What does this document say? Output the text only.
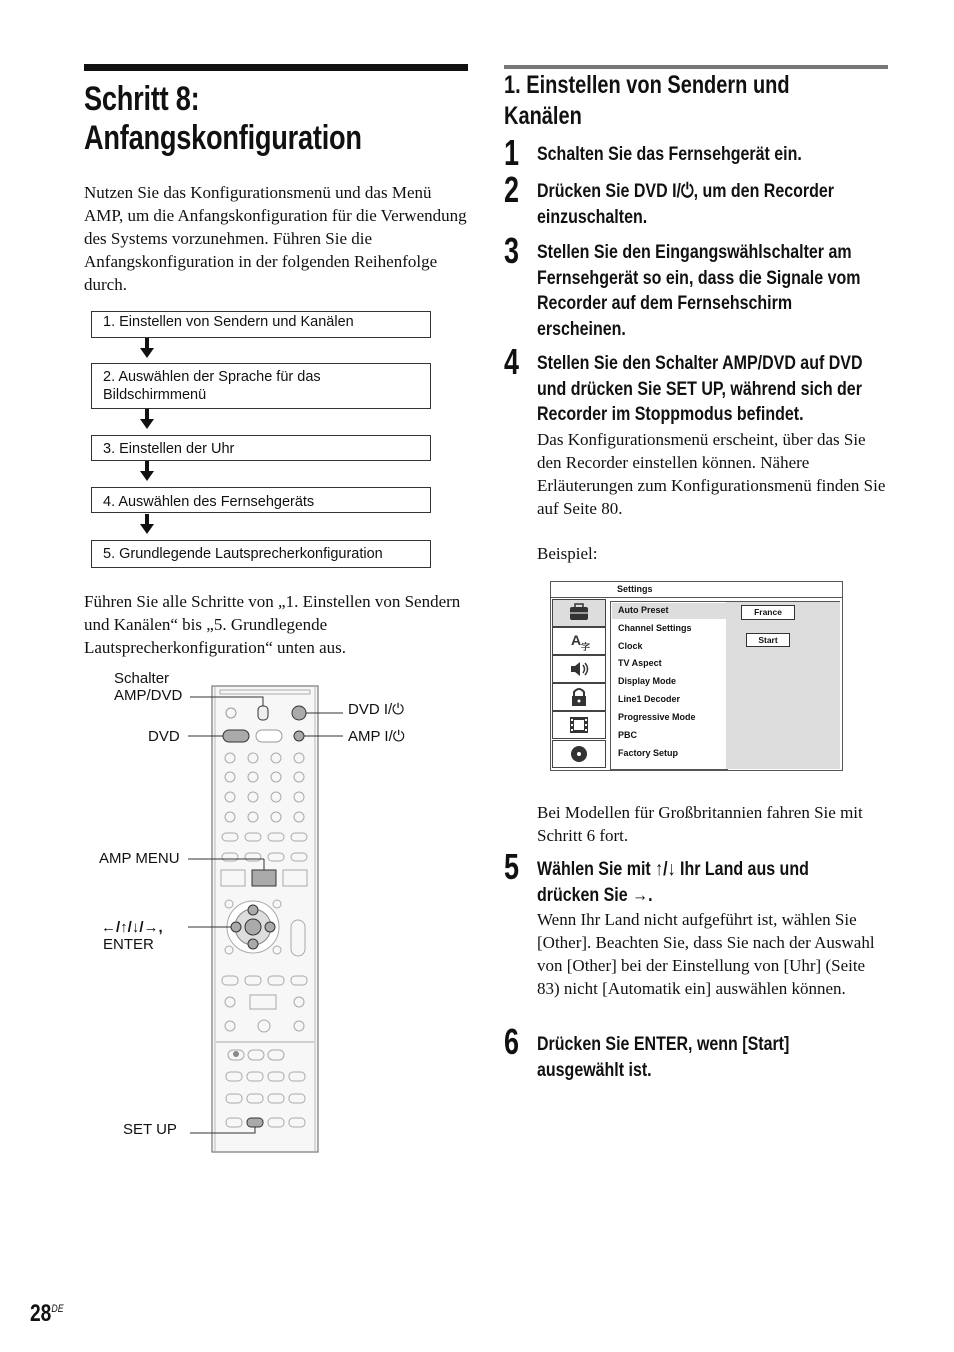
Schritt 8: Anfangskonfiguration
Nutzen Sie das Konfigurationsmenü und das Menü AMP, um die Anfangskonfiguration für die Verwendung des Systems vorzunehmen. Führen Sie die Anfangskonfiguration in der folgenden Reihenfolge durch.
1. Einstellen von Sendern und Kanälen
2. Auswählen der Sprache für das Bildschirmmenü
3. Einstellen der Uhr
4. Auswählen des Fernsehgeräts
5. Grundlegende Lautsprecherkonfiguration
Führen Sie alle Schritte von „1. Einstellen von Sendern und Kanälen“ bis „5. Grundlegende Lautsprecherkonfiguration“ unten aus.
Schalter
AMP/DVD
DVD
AMP MENU
←/↑/↓/→,
ENTER
SET UP
DVD I/⏻
AMP I/⏻
28DE
1. Einstellen von Sendern und Kanälen
1 Schalten Sie das Fernsehgerät ein.
2 Drücken Sie DVD I/⏻, um den Recorder
einzuschalten.
3 Stellen Sie den Eingangswählschalter am
Fernsehgerät so ein, dass die Signale vom
Recorder auf dem Fernsehschirm
erscheinen.
4 Stellen Sie den Schalter AMP/DVD auf DVD
und drücken Sie SET UP, während sich der
Recorder im Stoppmodus befindet.
Das Konfigurationsmenü erscheint, über das Sie den Recorder einstellen können. Nähere Erläuterungen zum Konfigurationsmenü finden Sie auf Seite 80.
Beispiel:
Settings
France
Start
A 字
Auto Preset
Channel Settings
Clock
TV Aspect
Display Mode
Line1 Decoder
Progressive Mode
PBC
Factory Setup
Bei Modellen für Großbritannien fahren Sie mit Schritt 6 fort.
5 Wählen Sie mit ↑/↓ Ihr Land aus und
drücken Sie →.
Wenn Ihr Land nicht aufgeführt ist, wählen Sie [Other]. Beachten Sie, dass Sie nach der Auswahl von [Other] bei der Einstellung von [Uhr] (Seite 83) nicht [Automatik ein] auswählen können.
6 Drücken Sie ENTER, wenn [Start]
ausgewählt ist.
